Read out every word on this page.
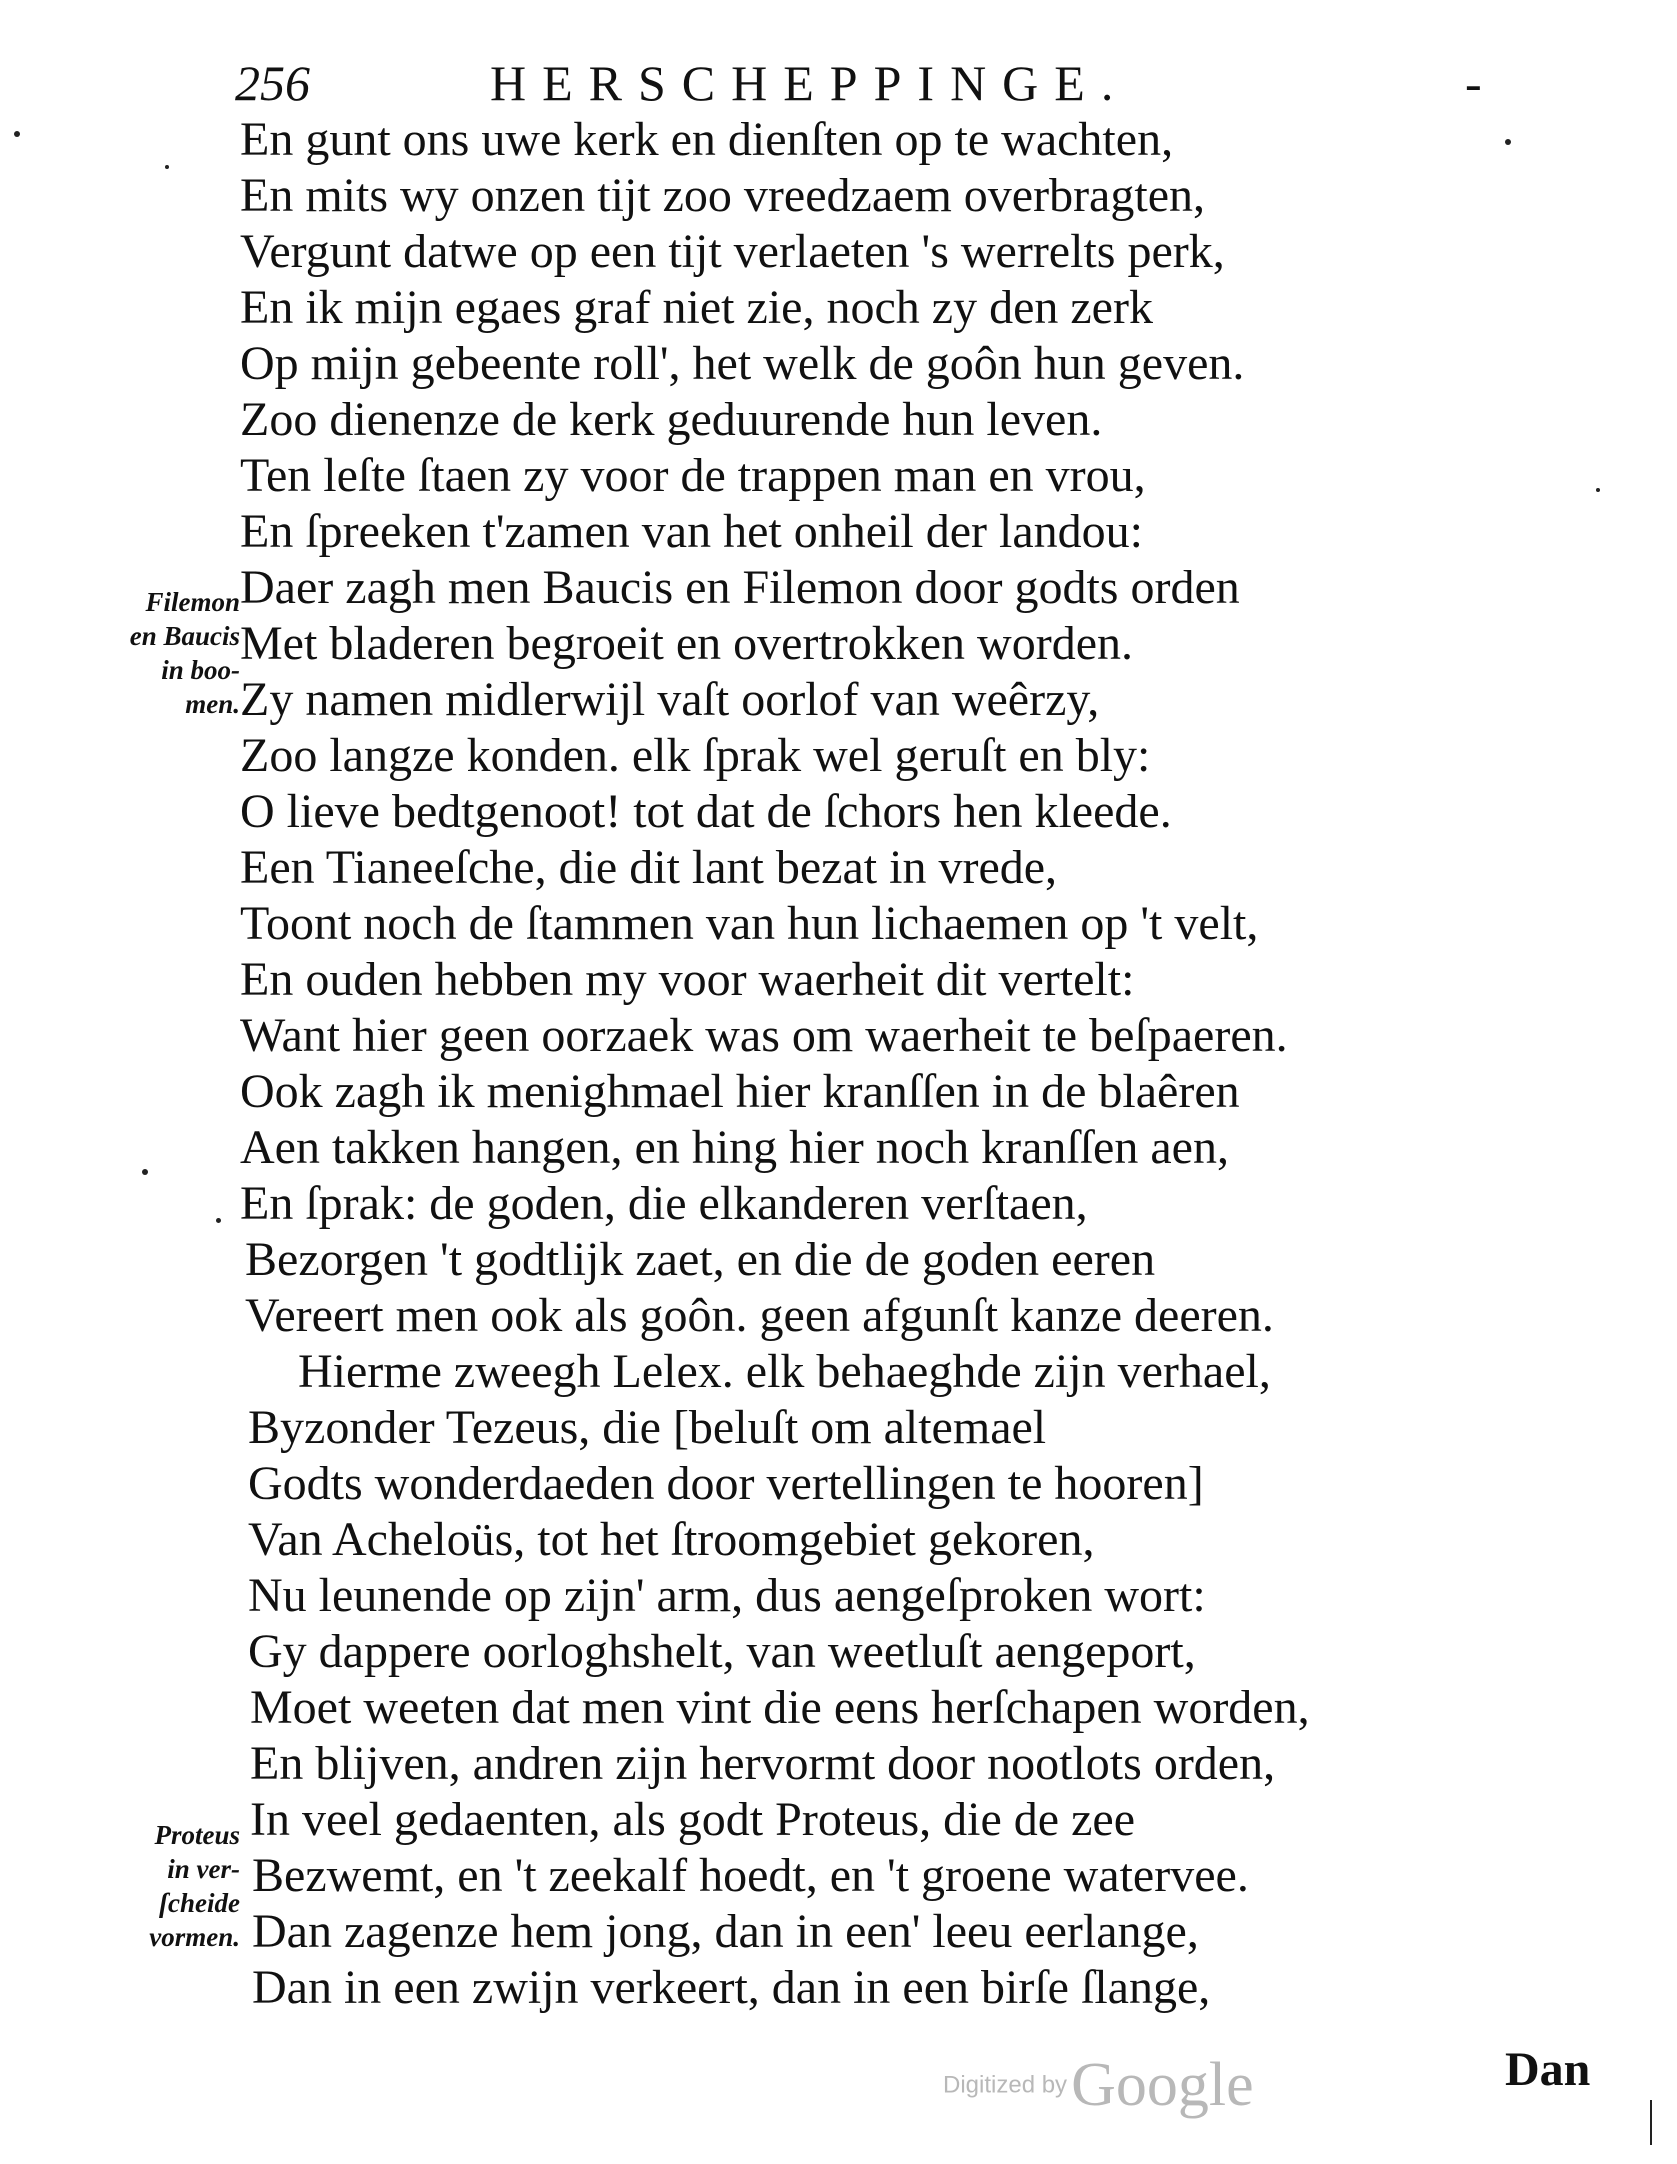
256	HERSCHEPPINGE.	-
En gunt ons uwe kerk en dienſten op te wachten,
En mits wy onzen tijt zoo vreedzaem overbragten,
Vergunt datwe op een tijt verlaeten 's werrelts perk,
En ik mijn egaes graf niet zie, noch zy den zerk
Op mijn gebeente roll', het welk de goôn hun geven.
Zoo dienenze de kerk geduurende hun leven.
Ten leſte ſtaen zy voor de trappen man en vrou,
En ſpreeken t'zamen van het onheil der landou:
Daer zagh men Baucis en Filemon door godts orden
Met bladeren begroeit en overtrokken worden.
Zy namen midlerwijl vaſt oorlof van weêrzy,
Zoo langze konden. elk ſprak wel geruſt en bly:
O lieve bedtgenoot! tot dat de ſchors hen kleede.
Een Tianeeſche, die dit lant bezat in vrede,
Toont noch de ſtammen van hun lichaemen op 't velt,
En ouden hebben my voor waerheit dit vertelt:
Want hier geen oorzaek was om waerheit te beſpaeren.
Ook zagh ik menighmael hier kranſſen in de blaêren
Aen takken hangen, en hing hier noch kranſſen aen,
En ſprak: de goden, die elkanderen verſtaen,
Bezorgen 't godtlijk zaet, en die de goden eeren
Vereert men ook als goôn. geen afgunſt kanze deeren.
Hierme zweegh Lelex. elk behaeghde zijn verhael,
Byzonder Tezeus, die [beluſt om altemael
Godts wonderdaeden door vertellingen te hooren]
Van Acheloüs, tot het ſtroomgebiet gekoren,
Nu leunende op zijn' arm, dus aengeſproken wort:
Gy dappere oorloghshelt, van weetluſt aengeport,
Moet weeten dat men vint die eens herſchapen worden,
En blijven, andren zijn hervormt door nootlots orden,
In veel gedaenten, als godt Proteus, die de zee
Bezwemt, en 't zeekalf hoedt, en 't groene watervee.
Dan zagenze hem jong, dan in een' leeu eerlange,
Dan in een zwijn verkeert, dan in een birſe ſlange,
Filemon
en Baucis
in boo-
men.
Proteus
in ver-
ſcheide
vormen.
Dan
Digitized by Google
